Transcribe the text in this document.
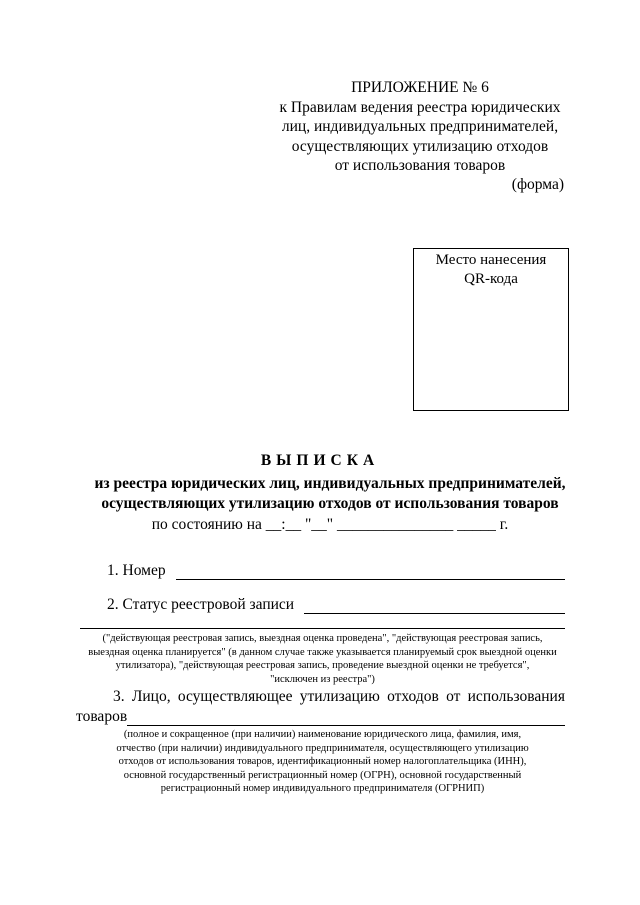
ПРИЛОЖЕНИЕ № 6
к Правилам ведения реестра юридических
лиц, индивидуальных предпринимателей,
осуществляющих утилизацию отходов
от использования товаров
(форма)
Место нанесения
QR-кода
ВЫПИСКА
из реестра юридических лиц, индивидуальных предпринимателей,
осуществляющих утилизацию отходов от использования товаров
по состоянию на __:__ "__" _______________ _____ г.
1. Номер
2. Статус реестровой записи
("действующая реестровая запись, выездная оценка проведена", "действующая реестровая запись,
выездная оценка планируется" (в данном случае также указывается планируемый срок выездной оценки
утилизатора), "действующая реестровая запись, проведение выездной оценки не требуется",
"исключен из реестра")
3. Лицо, осуществляющее утилизацию отходов от использования
товаров
(полное и сокращенное (при наличии) наименование юридического лица, фамилия, имя,
отчество (при наличии) индивидуального предпринимателя, осуществляющего утилизацию
отходов от использования товаров, идентификационный номер налогоплательщика (ИНН),
основной государственный регистрационный номер (ОГРН), основной государственный
регистрационный номер индивидуального предпринимателя (ОГРНИП)
